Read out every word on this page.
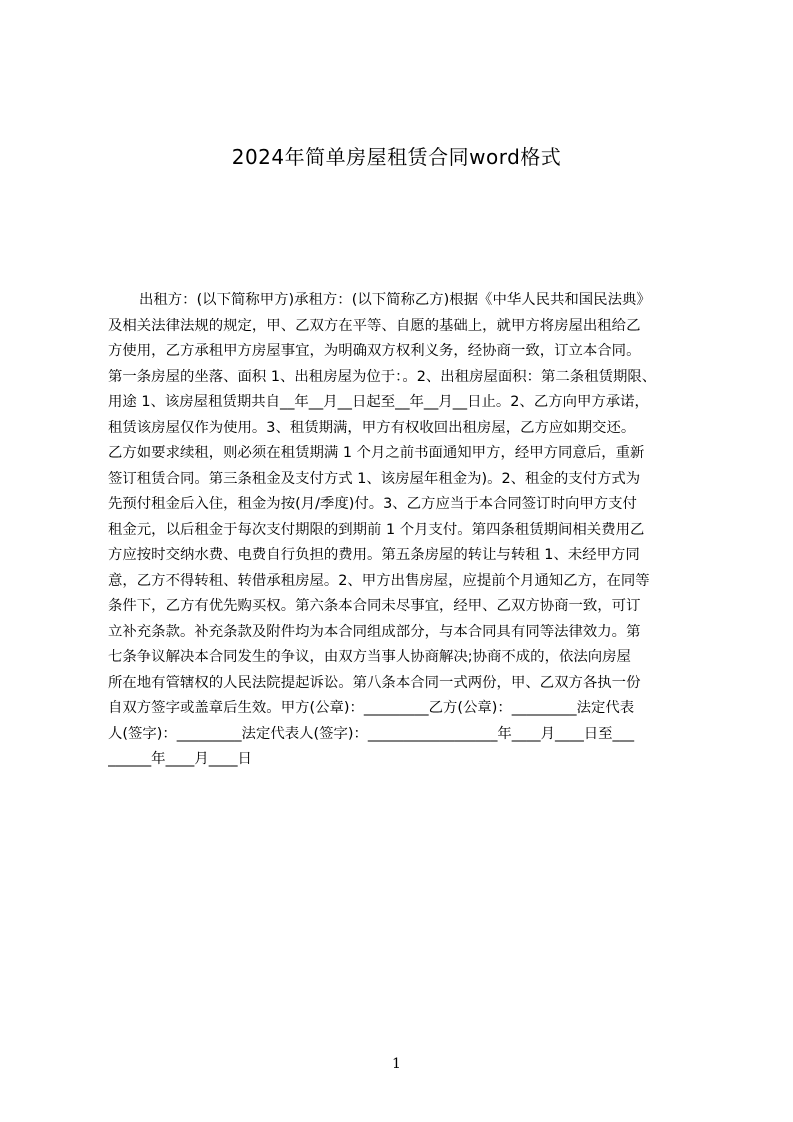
2024年简单房屋租赁合同word格式
出租方：(以下简称甲方)承租方：(以下简称乙方)根据《中华人民共和国民法典》
及相关法律法规的规定，甲、乙双方在平等、自愿的基础上，就甲方将房屋出租给乙
方使用，乙方承租甲方房屋事宜，为明确双方权利义务，经协商一致，订立本合同。
第一条房屋的坐落、面积 1、出租房屋为位于：。2、出租房屋面积：第二条租赁期限、
用途 1、该房屋租赁期共自__年__月__日起至__年__月__日止。2、乙方向甲方承诺，
租赁该房屋仅作为使用。3、租赁期满，甲方有权收回出租房屋，乙方应如期交还。
乙方如要求续租，则必须在租赁期满 1 个月之前书面通知甲方，经甲方同意后，重新
签订租赁合同。第三条租金及支付方式 1、该房屋年租金为)。2、租金的支付方式为
先预付租金后入住，租金为按(月/季度)付。3、乙方应当于本合同签订时向甲方支付
租金元，以后租金于每次支付期限的到期前 1 个月支付。第四条租赁期间相关费用乙
方应按时交纳水费、电费自行负担的费用。第五条房屋的转让与转租 1、未经甲方同
意，乙方不得转租、转借承租房屋。2、甲方出售房屋，应提前个月通知乙方，在同等
条件下，乙方有优先购买权。第六条本合同未尽事宜，经甲、乙双方协商一致，可订
立补充条款。补充条款及附件均为本合同组成部分，与本合同具有同等法律效力。第
七条争议解决本合同发生的争议，由双方当事人协商解决;协商不成的，依法向房屋
所在地有管辖权的人民法院提起诉讼。第八条本合同一式两份，甲、乙双方各执一份
自双方签字或盖章后生效。甲方(公章)：_________乙方(公章)：_________法定代表
人(签字)：_________法定代表人(签字)：__________________年____月____日至___
______年____月____日
1
